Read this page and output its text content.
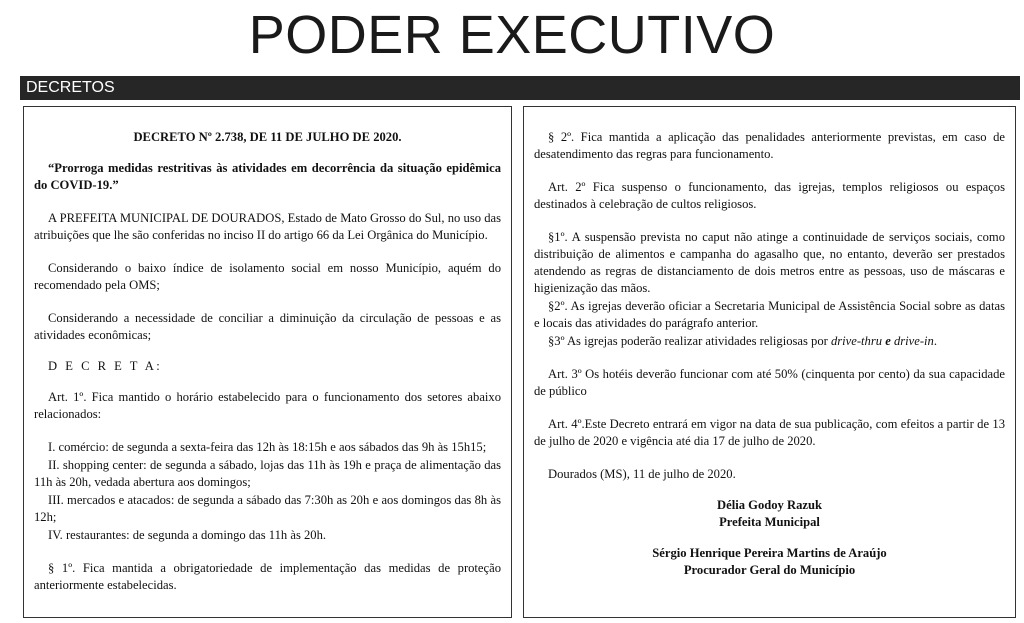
PODER EXECUTIVO
DECRETOS

DECRETO Nº 2.738, DE 11 DE JULHO DE 2020.

“Prorroga medidas restritivas às atividades em decorrência da situação epidêmica do COVID-19.”

A PREFEITA MUNICIPAL DE DOURADOS, Estado de Mato Grosso do Sul, no uso das atribuições que lhe são conferidas no inciso II do artigo 66 da Lei Orgânica do Município.

Considerando o baixo índice de isolamento social em nosso Município, aquém do recomendado pela OMS;

Considerando a necessidade de conciliar a diminuição da circulação de pessoas e as atividades econômicas;

D E C R E T A:

Art. 1º. Fica mantido o horário estabelecido para o funcionamento dos setores abaixo relacionados:

I. comércio: de segunda a sexta-feira das 12h às 18:15h e aos sábados das 9h às 15h15;

II. shopping center: de segunda a sábado, lojas das 11h às 19h e praça de alimentação das 11h às 20h, vedada abertura aos domingos;

III. mercados e atacados: de segunda a sábado das 7:30h as 20h e aos domingos das 8h às 12h;

IV. restaurantes: de segunda a domingo das 11h às 20h.

§ 1º. Fica mantida a obrigatoriedade de implementação das medidas de proteção anteriormente estabelecidas.

§ 2º. Fica mantida a aplicação das penalidades anteriormente previstas, em caso de desatendimento das regras para funcionamento.

Art. 2º Fica suspenso o funcionamento, das igrejas, templos religiosos ou espaços destinados à celebração de cultos religiosos.

§1º. A suspensão prevista no caput não atinge a continuidade de serviços sociais, como distribuição de alimentos e campanha do agasalho que, no entanto, deverão ser prestados atendendo as regras de distanciamento de dois metros entre as pessoas, uso de máscaras e higienização das mãos.

§2º. As igrejas deverão oficiar a Secretaria Municipal de Assistência Social sobre as datas e locais das atividades do parágrafo anterior.

§3º As igrejas poderão realizar atividades religiosas por drive-thru e drive-in.

Art. 3º Os hotéis deverão funcionar com até 50% (cinquenta por cento) da sua capacidade de público

Art. 4º.Este Decreto entrará em vigor na data de sua publicação, com efeitos a partir de 13 de julho de 2020 e vigência até dia 17 de julho de 2020.

Dourados (MS), 11 de julho de 2020.

Délia Godoy Razuk

Prefeita Municipal

Sérgio Henrique Pereira Martins de Araújo

Procurador Geral do Município
